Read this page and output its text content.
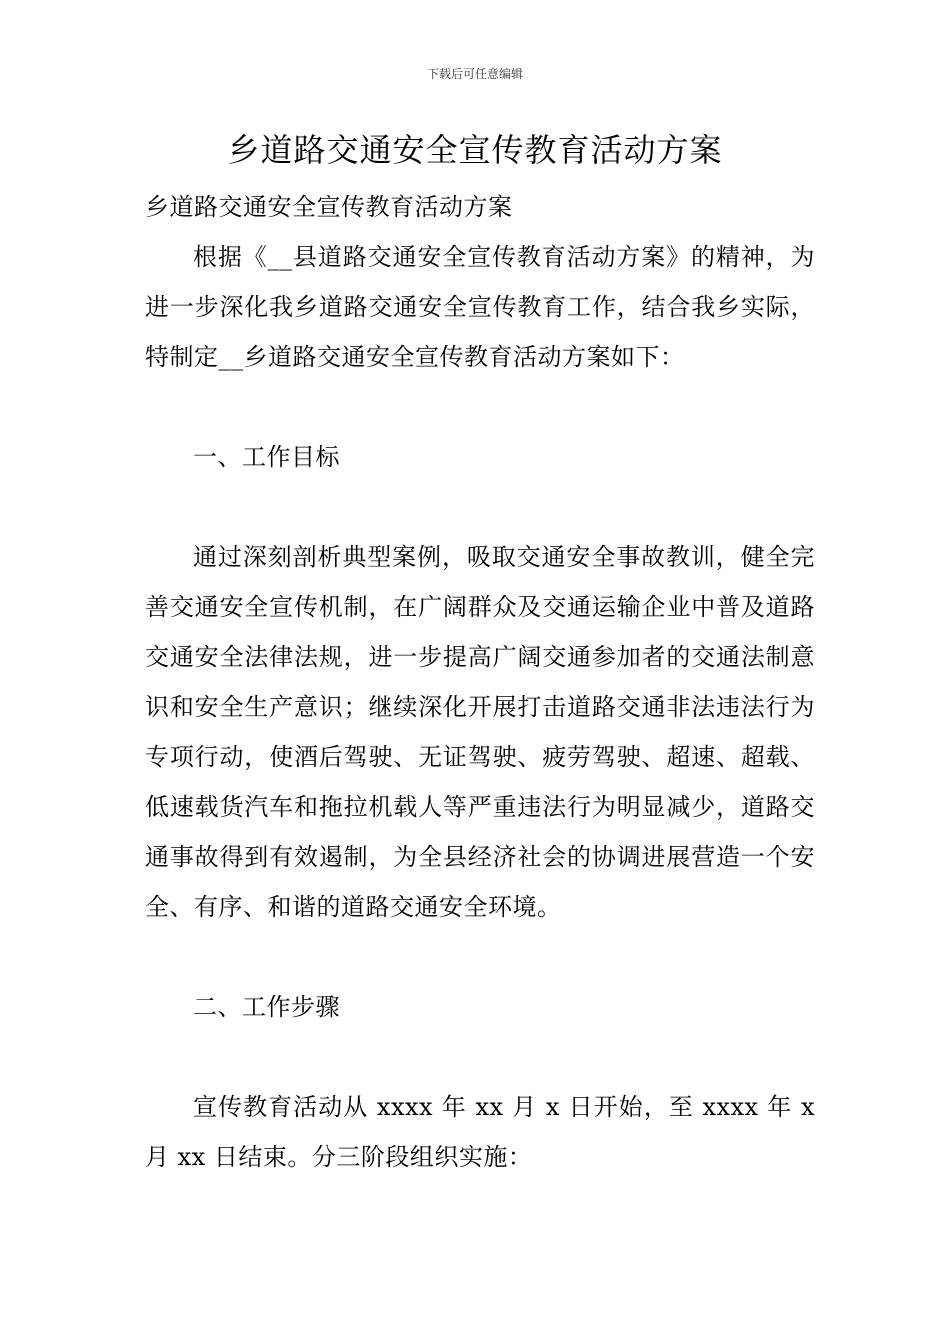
下载后可任意编辑
乡道路交通安全宣传教育活动方案

乡道路交通安全宣传教育活动方案

根据《__县道路交通安全宣传教育活动方案》的精神，为进一步深化我乡道路交通安全宣传教育工作，结合我乡实际，特制定__乡道路交通安全宣传教育活动方案如下：

一、工作目标

通过深刻剖析典型案例，吸取交通安全事故教训，健全完善交通安全宣传机制，在广阔群众及交通运输企业中普及道路交通安全法律法规，进一步提高广阔交通参加者的交通法制意识和安全生产意识；继续深化开展打击道路交通非法违法行为专项行动，使酒后驾驶、无证驾驶、疲劳驾驶、超速、超载、低速载货汽车和拖拉机载人等严重违法行为明显减少，道路交通事故得到有效遏制，为全县经济社会的协调进展营造一个安全、有序、和谐的道路交通安全环境。

二、工作步骤

宣传教育活动从 xxxx 年 xx 月 x 日开始，至 xxxx 年 x 月 xx 日结束。分三阶段组织实施：
